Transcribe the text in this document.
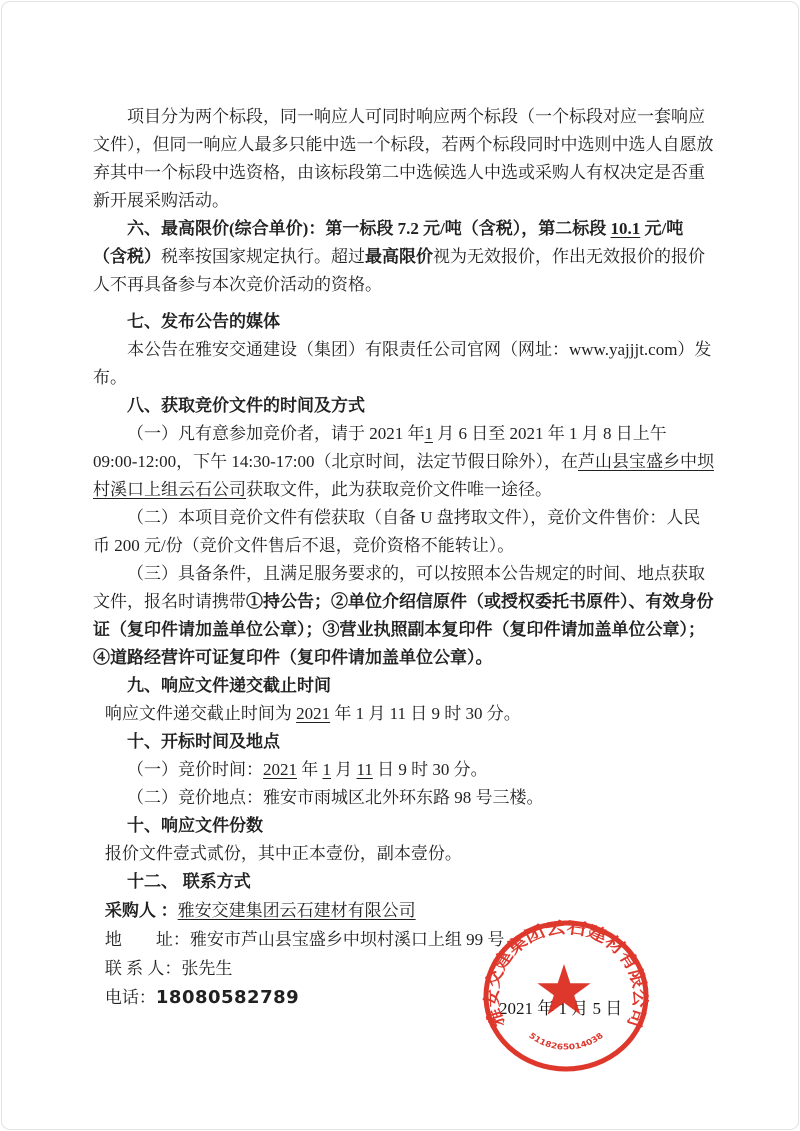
项目分为两个标段，同一响应人可同时响应两个标段（一个标段对应一套响应文件），但同一响应人最多只能中选一个标段，若两个标段同时中选则中选人自愿放弃其中一个标段中选资格，由该标段第二中选候选人中选或采购人有权决定是否重新开展采购活动。

六、最高限价(综合单价)：第一标段 7.2 元/吨（含税），第二标段 10.1 元/吨（含税）税率按国家规定执行。超过最高限价视为无效报价，作出无效报价的报价人不再具备参与本次竞价活动的资格。

七、发布公告的媒体

本公告在雅安交通建设（集团）有限责任公司官网（网址：www.yajjjt.com）发布。

八、获取竞价文件的时间及方式

（一）凡有意参加竞价者，请于 2021 年1 月 6 日至 2021 年 1 月 8 日上午 09:00-12:00，下午 14:30-17:00（北京时间，法定节假日除外），在芦山县宝盛乡中坝村溪口上组云石公司获取文件，此为获取竞价文件唯一途径。

（二）本项目竞价文件有偿获取（自备 U 盘拷取文件），竞价文件售价：人民币 200 元/份（竞价文件售后不退，竞价资格不能转让）。

（三）具备条件，且满足服务要求的，可以按照本公告规定的时间、地点获取文件，报名时请携带①持公告；②单位介绍信原件（或授权委托书原件）、有效身份证（复印件请加盖单位公章）；③营业执照副本复印件（复印件请加盖单位公章）；④道路经营许可证复印件（复印件请加盖单位公章）。

九、响应文件递交截止时间

响应文件递交截止时间为 2021 年 1 月 11 日 9 时 30 分。

十、开标时间及地点

（一）竞价时间：2021 年 1 月 11 日 9 时 30 分。

（二）竞价地点：雅安市雨城区北外环东路 98 号三楼。

十、响应文件份数

报价文件壹式贰份，其中正本壹份，副本壹份。

十二、 联系方式

采购人 ：雅安交建集团云石建材有限公司

地　　址：雅安市芦山县宝盛乡中坝村溪口上组 99 号

联 系 人：张先生

电话：18080582789

2021 年 1 月 5 日
雅安交建集团云石建材有限公司
5118265014038
